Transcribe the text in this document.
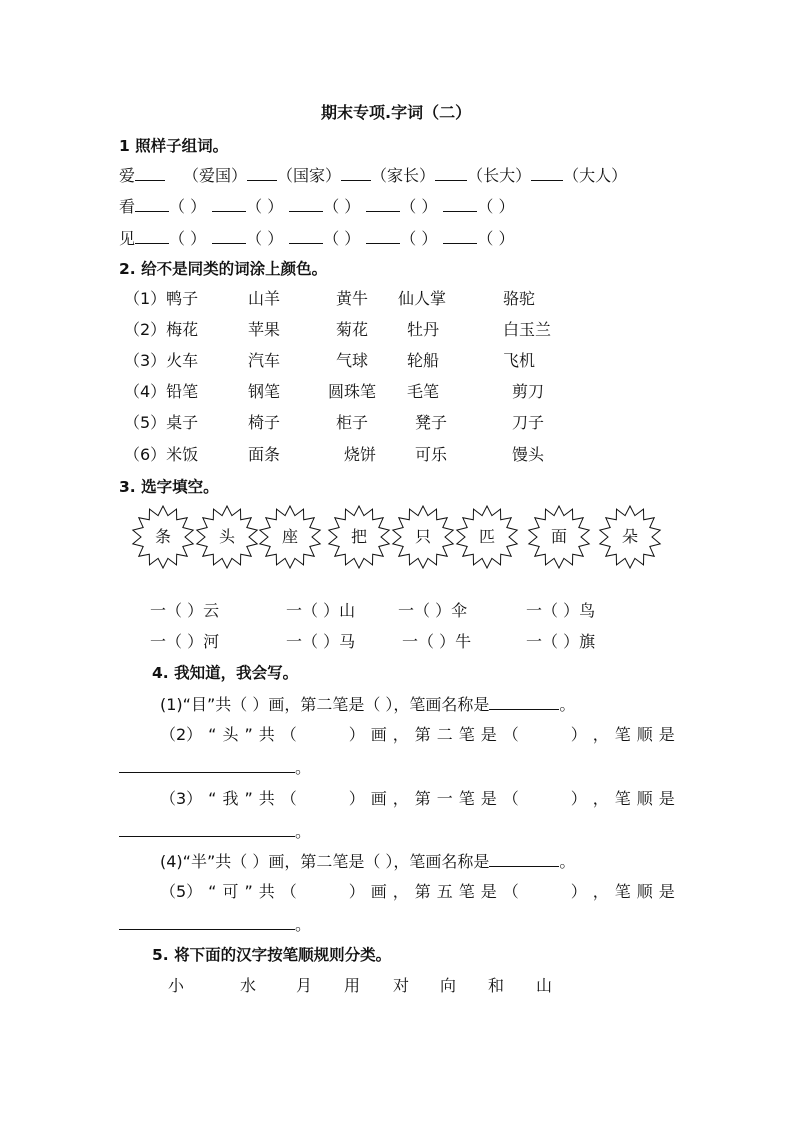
期末专项.字词（二）
1 照样子组词。
爱	（爱国） （国家） （家长） （长大） （大人）
看 （ ）	（ ）	（ ）	（ ）	（ ）
见 （ ）	（ ）	（ ）	（ ）	（ ）
2. 给不是同类的词涂上颜色。
（1）鸭子	山羊	黄牛 仙人掌	骆驼
（2）梅花	苹果	菊花 牡丹	白玉兰
（3）火车	汽车	气球 轮船	飞机
（4）铅笔	钢笔	圆珠笔 毛笔	剪刀
（5）桌子	椅子	柜子	凳子	刀子
（6）米饭	面条	烧饼 可乐	馒头
3. 选字填空。
条	头	座	把	只	匹	面	朵
一（ ）云	一（ ）山	一（ ）伞	一（ ）鸟
一（ ）河	一（ ）马	一（ ）牛	一（ ）旗
4. 我知道，我会写。
(1)“目”共（ ）画，第二笔是（ ），笔画名称是	。
（2） “ 头 ” 共 （	） 画 ， 第 二 笔 是 （	） ， 笔 顺 是
。
（3） “ 我 ” 共 （	） 画 ， 第 一 笔 是 （	） ， 笔 顺 是
。
(4)“半”共（ ）画，第二笔是（ ），笔画名称是	。
（5） “ 可 ” 共 （	） 画 ， 第 五 笔 是 （	） ， 笔 顺 是
。
5. 将下面的汉字按笔顺规则分类。
小	水 月 用 对 向 和 山
